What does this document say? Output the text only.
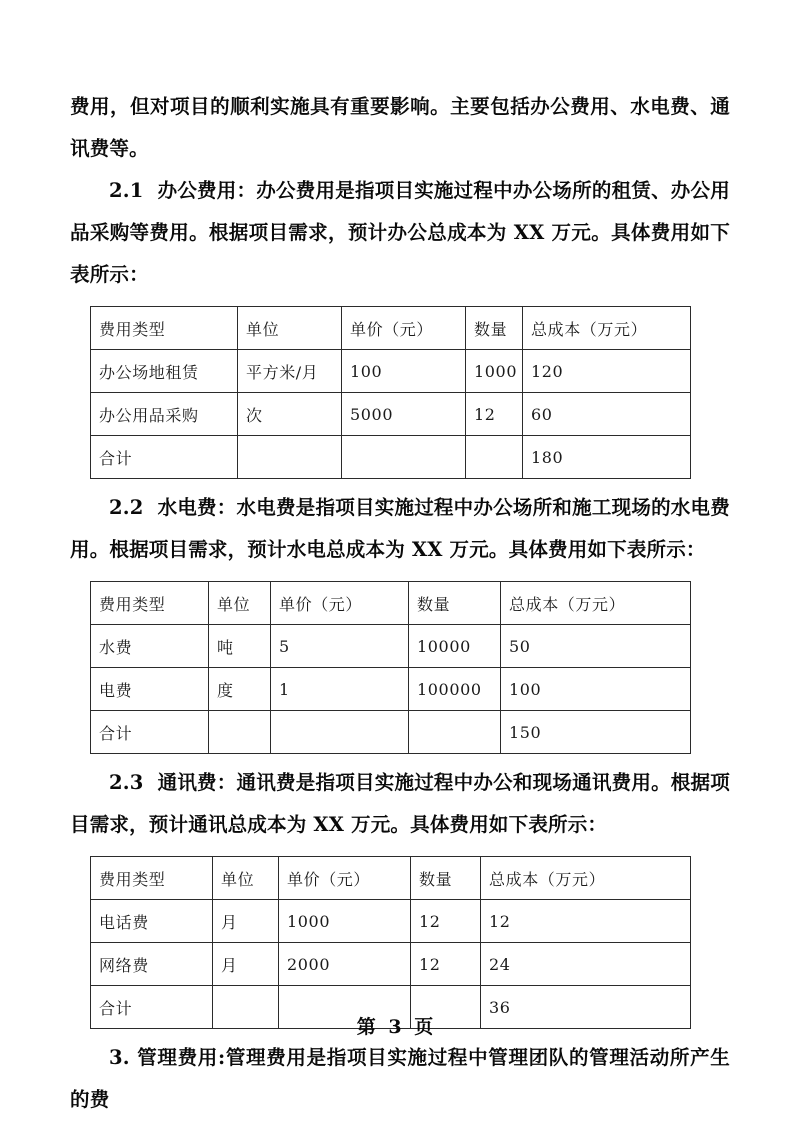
费用，但对项目的顺利实施具有重要影响。主要包括办公费用、水电费、通讯费等。

2.1  办公费用：办公费用是指项目实施过程中办公场所的租赁、办公用品采购等费用。根据项目需求，预计办公总成本为 XX 万元。具体费用如下表所示：

费用类型	单位	单价（元）	数量	总成本（万元）
办公场地租赁	平方米/月	100	1000	120
办公用品采购	次	5000	12	60
合计				180

2.2  水电费：水电费是指项目实施过程中办公场所和施工现场的水电费用。根据项目需求，预计水电总成本为 XX 万元。具体费用如下表所示：

费用类型	单位	单价（元）	数量	总成本（万元）
水费	吨	5	10000	50
电费	度	1	100000	100
合计				150

2.3  通讯费：通讯费是指项目实施过程中办公和现场通讯费用。根据项目需求，预计通讯总成本为 XX 万元。具体费用如下表所示：

费用类型	单位	单价（元）	数量	总成本（万元）
电话费	月	1000	12	12
网络费	月	2000	12	24
合计				36

3. 管理费用:管理费用是指项目实施过程中管理团队的管理活动所产生的费

第 3 页
